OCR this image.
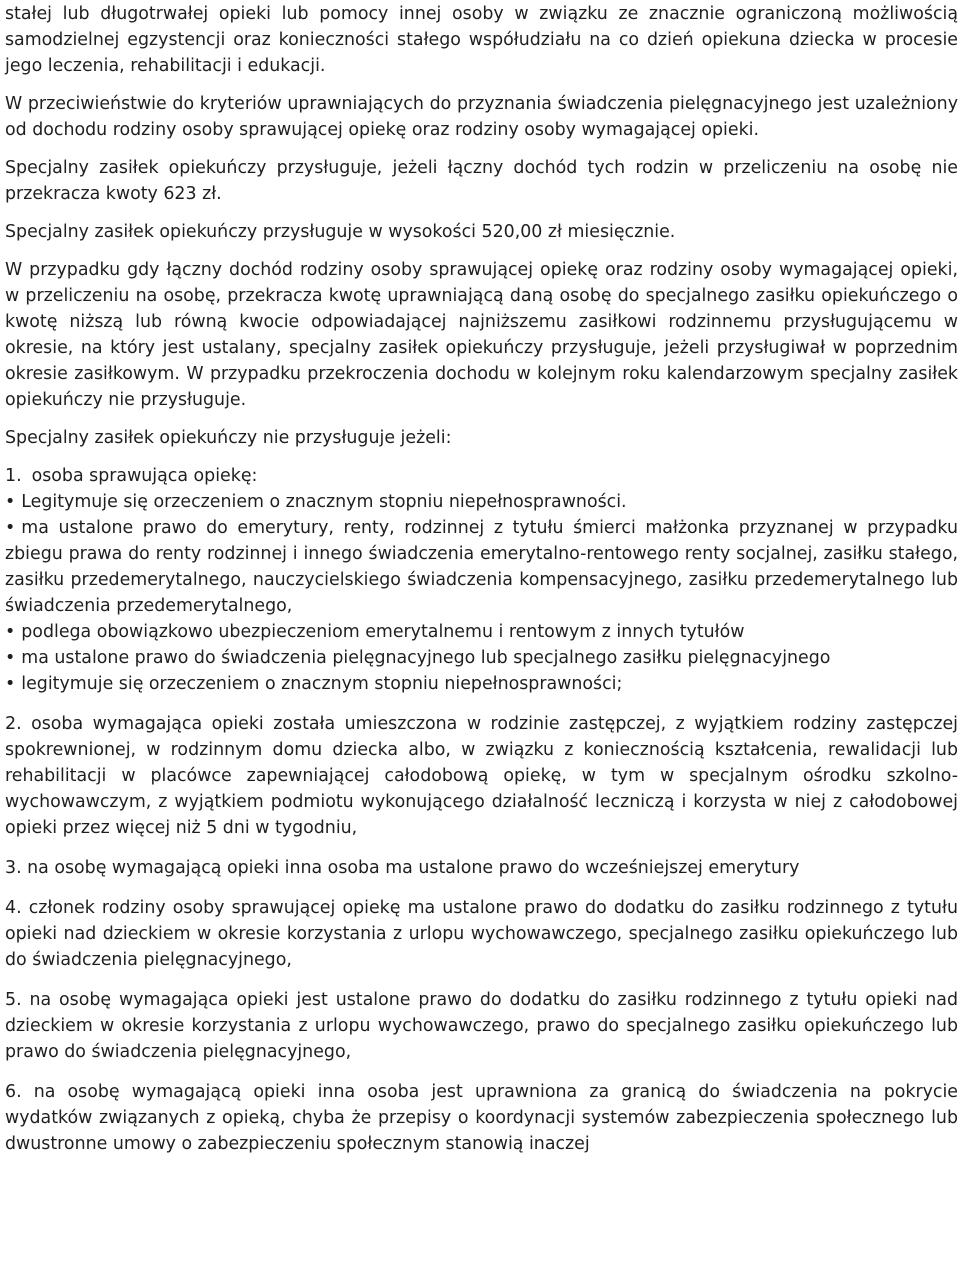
stałej lub długotrwałej opieki lub pomocy innej osoby w związku ze znacznie ograniczoną możliwością samodzielnej egzystencji oraz konieczności stałego współudziału na co dzień opiekuna dziecka w procesie jego leczenia, rehabilitacji i edukacji.

W przeciwieństwie do kryteriów uprawniających do przyznania świadczenia pielęgnacyjnego jest uzależniony od dochodu rodziny osoby sprawującej opiekę oraz rodziny osoby wymagającej opieki.

Specjalny zasiłek opiekuńczy przysługuje, jeżeli łączny dochód tych rodzin w przeliczeniu na osobę nie przekracza kwoty 623 zł.

Specjalny zasiłek opiekuńczy przysługuje w wysokości 520,00 zł miesięcznie.

W przypadku gdy łączny dochód rodziny osoby sprawującej opiekę oraz rodziny osoby wymagającej opieki, w przeliczeniu na osobę, przekracza kwotę uprawniającą daną osobę do specjalnego zasiłku opiekuńczego o kwotę niższą lub równą kwocie odpowiadającej najniższemu zasiłkowi rodzinnemu przysługującemu w okresie, na który jest ustalany, specjalny zasiłek opiekuńczy przysługuje, jeżeli przysługiwał w poprzednim okresie zasiłkowym. W przypadku przekroczenia dochodu w kolejnym roku kalendarzowym specjalny zasiłek opiekuńczy nie przysługuje.

Specjalny zasiłek opiekuńczy nie przysługuje jeżeli:

1. osoba sprawująca opiekę:

• Legitymuje się orzeczeniem o znacznym stopniu niepełnosprawności.

• ma ustalone prawo do emerytury, renty, rodzinnej z tytułu śmierci małżonka przyznanej w przypadku zbiegu prawa do renty rodzinnej i innego świadczenia emerytalno-rentowego renty socjalnej, zasiłku stałego, zasiłku przedemerytalnego, nauczycielskiego świadczenia kompensacyjnego, zasiłku przedemerytalnego lub świadczenia przedemerytalnego,

• podlega obowiązkowo ubezpieczeniom emerytalnemu i rentowym z innych tytułów

• ma ustalone prawo do świadczenia pielęgnacyjnego lub specjalnego zasiłku pielęgnacyjnego

• legitymuje się orzeczeniem o znacznym stopniu niepełnosprawności;

2. osoba wymagająca opieki została umieszczona w rodzinie zastępczej, z wyjątkiem rodziny zastępczej spokrewnionej, w rodzinnym domu dziecka albo, w związku z koniecznością kształcenia, rewalidacji lub rehabilitacji w placówce zapewniającej całodobową opiekę, w tym w specjalnym ośrodku szkolno-wychowawczym, z wyjątkiem podmiotu wykonującego działalność leczniczą i korzysta w niej z całodobowej opieki przez więcej niż 5 dni w tygodniu,

3. na osobę wymagającą opieki inna osoba ma ustalone prawo do wcześniejszej emerytury

4. członek rodziny osoby sprawującej opiekę ma ustalone prawo do dodatku do zasiłku rodzinnego z tytułu opieki nad dzieckiem w okresie korzystania z urlopu wychowawczego, specjalnego zasiłku opiekuńczego lub do świadczenia pielęgnacyjnego,

5. na osobę wymagająca opieki jest ustalone prawo do dodatku do zasiłku rodzinnego z tytułu opieki nad dzieckiem w okresie korzystania z urlopu wychowawczego, prawo do specjalnego zasiłku opiekuńczego lub prawo do świadczenia pielęgnacyjnego,

6. na osobę wymagającą opieki inna osoba jest uprawniona za granicą do świadczenia na pokrycie wydatków związanych z opieką, chyba że przepisy o koordynacji systemów zabezpieczenia społecznego lub dwustronne umowy o zabezpieczeniu społecznym stanowią inaczej
